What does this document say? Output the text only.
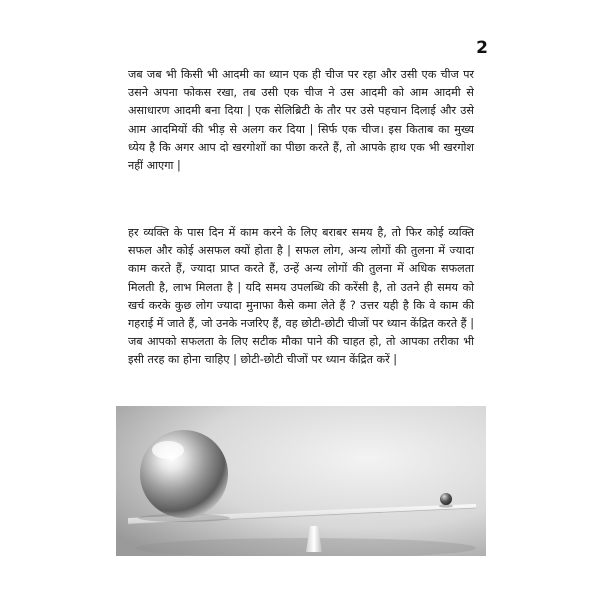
2

जब जब भी किसी भी आदमी का ध्यान एक ही चीज पर रहा और उसी एक चीज पर उसने अपना फोकस रखा, तब उसी एक चीज ने उस आदमी को आम आदमी से असाधारण आदमी बना दिया | एक सेलिब्रिटी के तौर पर उसे पहचान दिलाई और उसे आम आदमियों की भीड़ से अलग कर दिया | सिर्फ एक चीज। इस किताब का मुख्य ध्येय है कि अगर आप दो खरगोशों का पीछा करते हैं, तो आपके हाथ एक भी खरगोश नहीं आएगा |

हर व्यक्ति के पास दिन में काम करने के लिए बराबर समय है, तो फिर कोई व्यक्ति सफल और कोई असफल क्यों होता है | सफल लोग, अन्य लोगों की तुलना में ज्यादा काम करते हैं, ज्यादा प्राप्त करते हैं, उन्हें अन्य लोगों की तुलना में अधिक सफलता मिलती है, लाभ मिलता है | यदि समय उपलब्धि की करेंसी है, तो उतने ही समय को खर्च करके कुछ लोग ज्यादा मुनाफा कैसे कमा लेते हैं ? उत्तर यही है कि वे काम की गहराई में जाते हैं, जो उनके नजरिए हैं, वह छोटी-छोटी चीजों पर ध्यान केंद्रित करते हैं | जब आपको सफलता के लिए सटीक मौका पाने की चाहत हो, तो आपका तरीका भी इसी तरह का होना चाहिए | छोटी-छोटी चीजों पर ध्यान केंद्रित करें |
